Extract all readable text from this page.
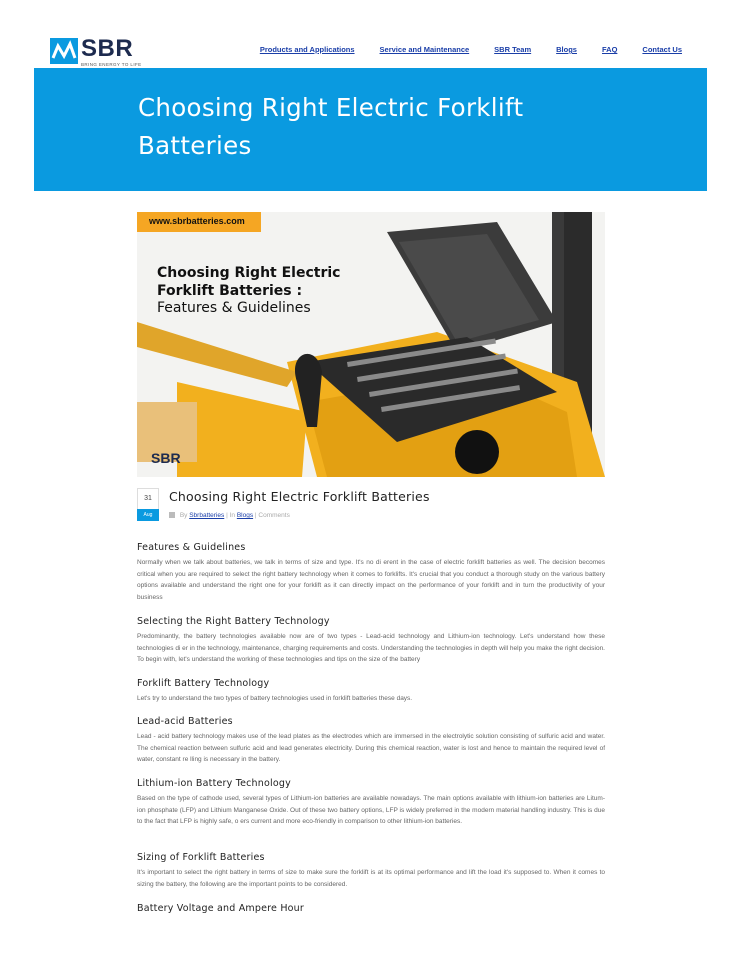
SBR
BRING ENERGY TO LIFE
Products and Applications	Service and Maintenance	SBR Team	Blogs	FAQ	Contact Us
Choosing Right Electric Forklift Batteries
www.sbrbatteries.com
Choosing Right Electric Forklift Batteries :
Features & Guidelines
SBR
31
Aug
Choosing Right Electric Forklift Batteries
By Sbrbatteries | In Blogs | Comments
Features & Guidelines

Normally when we talk about batteries, we talk in terms of size and type. It's no di erent in the case of electric forklift batteries as well. The decision becomes critical when you are required to select the right battery technology when it comes to forklifts. It's crucial that you conduct a thorough study on the various battery options available and understand the right one for your forklift as it can directly impact on the performance of your forklift and in turn the productivity of your business

Selecting the Right Battery Technology

Predominantly, the battery technologies available now are of two types - Lead-acid technology and Lithium-ion technology. Let's understand how these technologies di er in the technology, maintenance, charging requirements and costs. Understanding the technologies in depth will help you make the right decision. To begin with, let's understand the working of these technologies and tips on the size of the battery

Forklift Battery Technology

Let's try to understand the two types of battery technologies used in forklift batteries these days.

Lead-acid Batteries

Lead - acid battery technology makes use of the lead plates as the electrodes which are immersed in the electrolytic solution consisting of sulfuric acid and water. The chemical reaction between sulfuric acid and lead generates electricity. During this chemical reaction, water is lost and hence to maintain the required level of water, constant re lling is necessary in the battery.

Lithium-ion Battery Technology

Based on the type of cathode used, several types of Lithium-ion batteries are available nowadays. The main options available with lithium-ion batteries are Litum-ion phosphate (LFP) and Lithium Manganese Oxide. Out of these two battery options, LFP is widely preferred in the modern material handling industry. This is due to the fact that LFP is highly safe, o ers current and more eco-friendly in comparison to other lithium-ion batteries.

Sizing of Forklift Batteries

It's important to select the right battery in terms of size to make sure the forklift is at its optimal performance and lift the load it's supposed to. When it comes to sizing the battery, the following are the important points to be considered.

Battery Voltage and Ampere Hour
